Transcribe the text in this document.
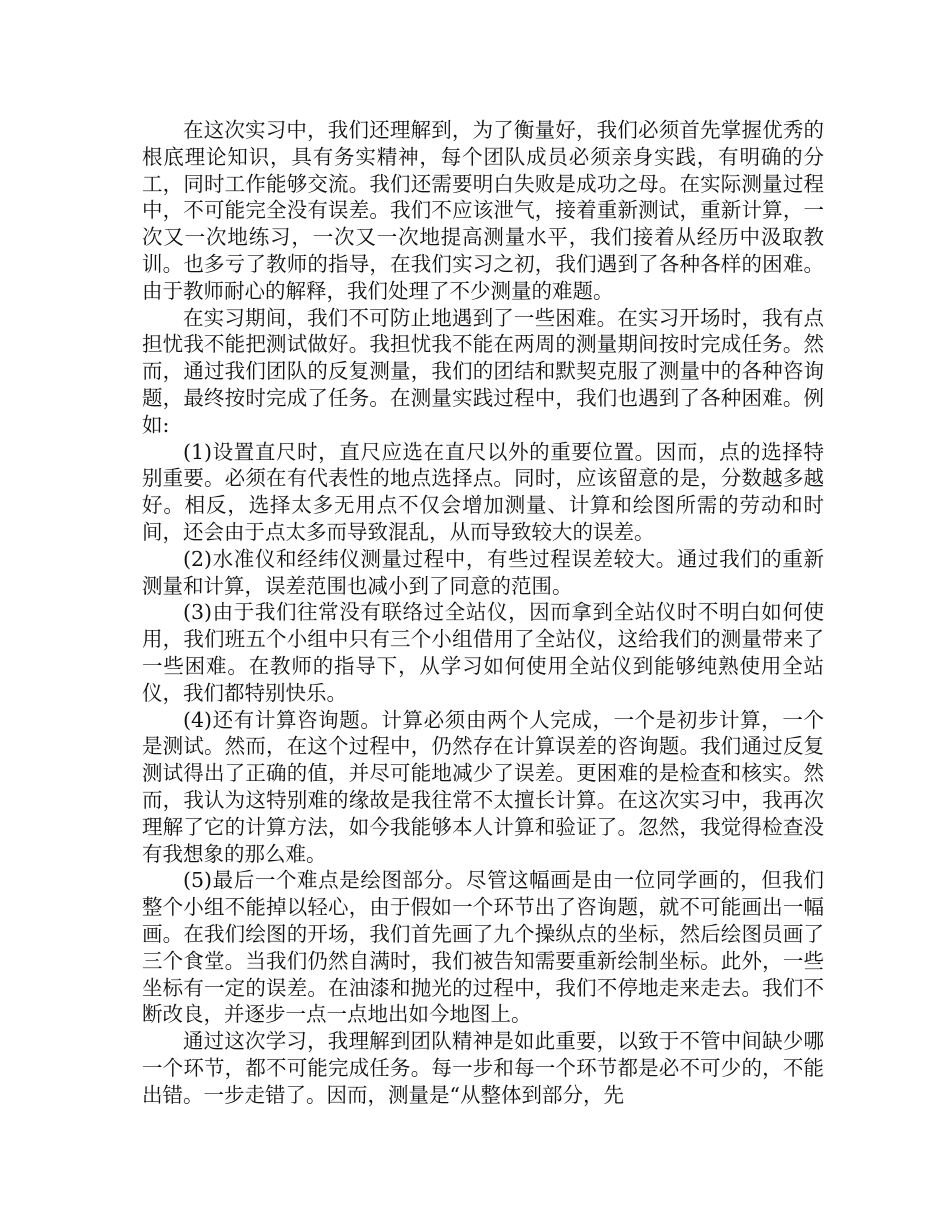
在这次实习中，我们还理解到，为了衡量好，我们必须首先掌握优秀的根底理论知识，具有务实精神，每个团队成员必须亲身实践，有明确的分工，同时工作能够交流。我们还需要明白失败是成功之母。在实际测量过程中，不可能完全没有误差。我们不应该泄气，接着重新测试，重新计算，一次又一次地练习，一次又一次地提高测量水平，我们接着从经历中汲取教训。也多亏了教师的指导，在我们实习之初，我们遇到了各种各样的困难。由于教师耐心的解释，我们处理了不少测量的难题。

在实习期间，我们不可防止地遇到了一些困难。在实习开场时，我有点担忧我不能把测试做好。我担忧我不能在两周的测量期间按时完成任务。然而，通过我们团队的反复测量，我们的团结和默契克服了测量中的各种咨询题，最终按时完成了任务。在测量实践过程中，我们也遇到了各种困难。例如:

(1)设置直尺时，直尺应选在直尺以外的重要位置。因而，点的选择特别重要。必须在有代表性的地点选择点。同时，应该留意的是，分数越多越好。相反，选择太多无用点不仅会增加测量、计算和绘图所需的劳动和时间，还会由于点太多而导致混乱，从而导致较大的误差。

(2)水准仪和经纬仪测量过程中，有些过程误差较大。通过我们的重新测量和计算，误差范围也减小到了同意的范围。

(3)由于我们往常没有联络过全站仪，因而拿到全站仪时不明白如何使用，我们班五个小组中只有三个小组借用了全站仪，这给我们的测量带来了一些困难。在教师的指导下，从学习如何使用全站仪到能够纯熟使用全站仪，我们都特别快乐。

(4)还有计算咨询题。计算必须由两个人完成，一个是初步计算，一个是测试。然而，在这个过程中，仍然存在计算误差的咨询题。我们通过反复测试得出了正确的值，并尽可能地减少了误差。更困难的是检查和核实。然而，我认为这特别难的缘故是我往常不太擅长计算。在这次实习中，我再次理解了它的计算方法，如今我能够本人计算和验证了。忽然，我觉得检查没有我想象的那么难。

(5)最后一个难点是绘图部分。尽管这幅画是由一位同学画的，但我们整个小组不能掉以轻心，由于假如一个环节出了咨询题，就不可能画出一幅画。在我们绘图的开场，我们首先画了九个操纵点的坐标，然后绘图员画了三个食堂。当我们仍然自满时，我们被告知需要重新绘制坐标。此外，一些坐标有一定的误差。在油漆和抛光的过程中，我们不停地走来走去。我们不断改良，并逐步一点一点地出如今地图上。

通过这次学习，我理解到团队精神是如此重要，以致于不管中间缺少哪一个环节，都不可能完成任务。每一步和每一个环节都是必不可少的，不能出错。一步走错了。因而，测量是“从整体到部分，先
